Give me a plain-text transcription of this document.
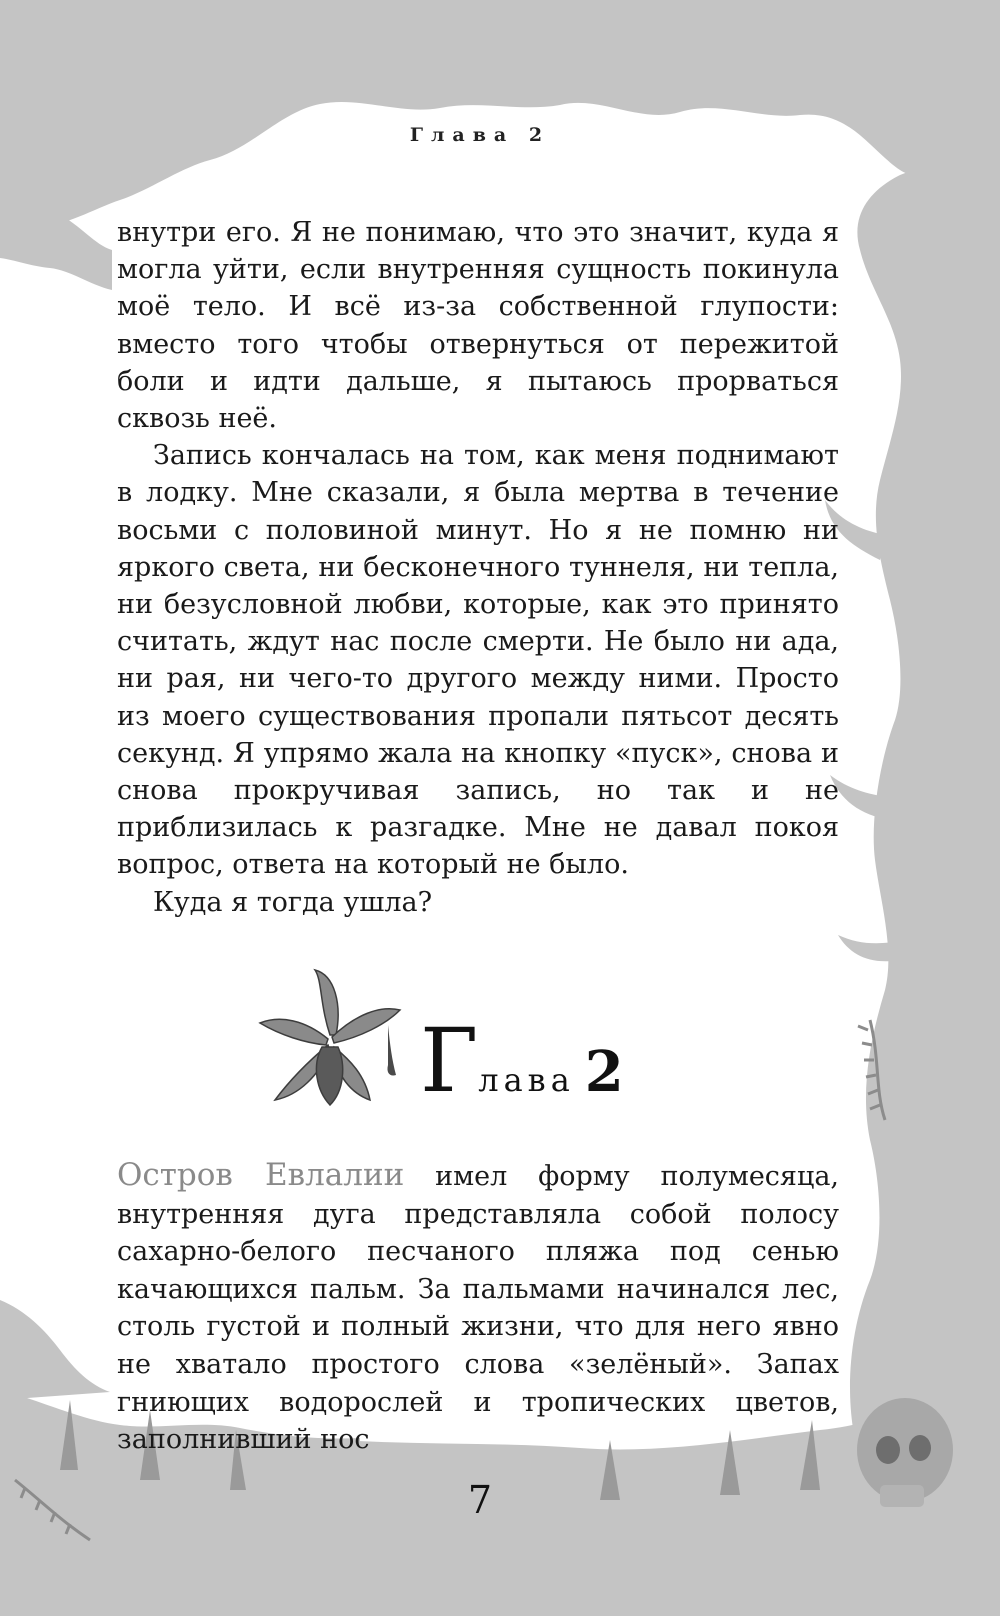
Глава 2

внутри его. Я не понимаю, что это значит, куда я могла уйти, если внутренняя сущность покинула моё тело. И всё из-за собственной глупости: вместо того чтобы отвернуться от пережитой боли и идти дальше, я пытаюсь прорваться сквозь неё.

Запись кончалась на том, как меня поднимают в лодку. Мне сказали, я была мертва в течение восьми с половиной минут. Но я не помню ни яркого света, ни бесконечного туннеля, ни тепла, ни безусловной любви, которые, как это принято считать, ждут нас после смерти. Не было ни ада, ни рая, ни чего-то другого между ними. Просто из моего существования пропали пятьсот десять секунд. Я упрямо жала на кнопку «пуск», снова и снова прокручивая запись, но так и не приблизилась к разгадке. Мне не давал покоя вопрос, ответа на который не было.

Куда я тогда ушла?

Глава 2

Остров Евлалии имел форму полумесяца, внутренняя дуга представляла собой полосу сахарно-белого песчаного пляжа под сенью качающихся пальм. За пальмами начинался лес, столь густой и полный жизни, что для него явно не хватало простого слова «зелёный». Запах гниющих водорослей и тропических цветов, заполнивший нос

7
